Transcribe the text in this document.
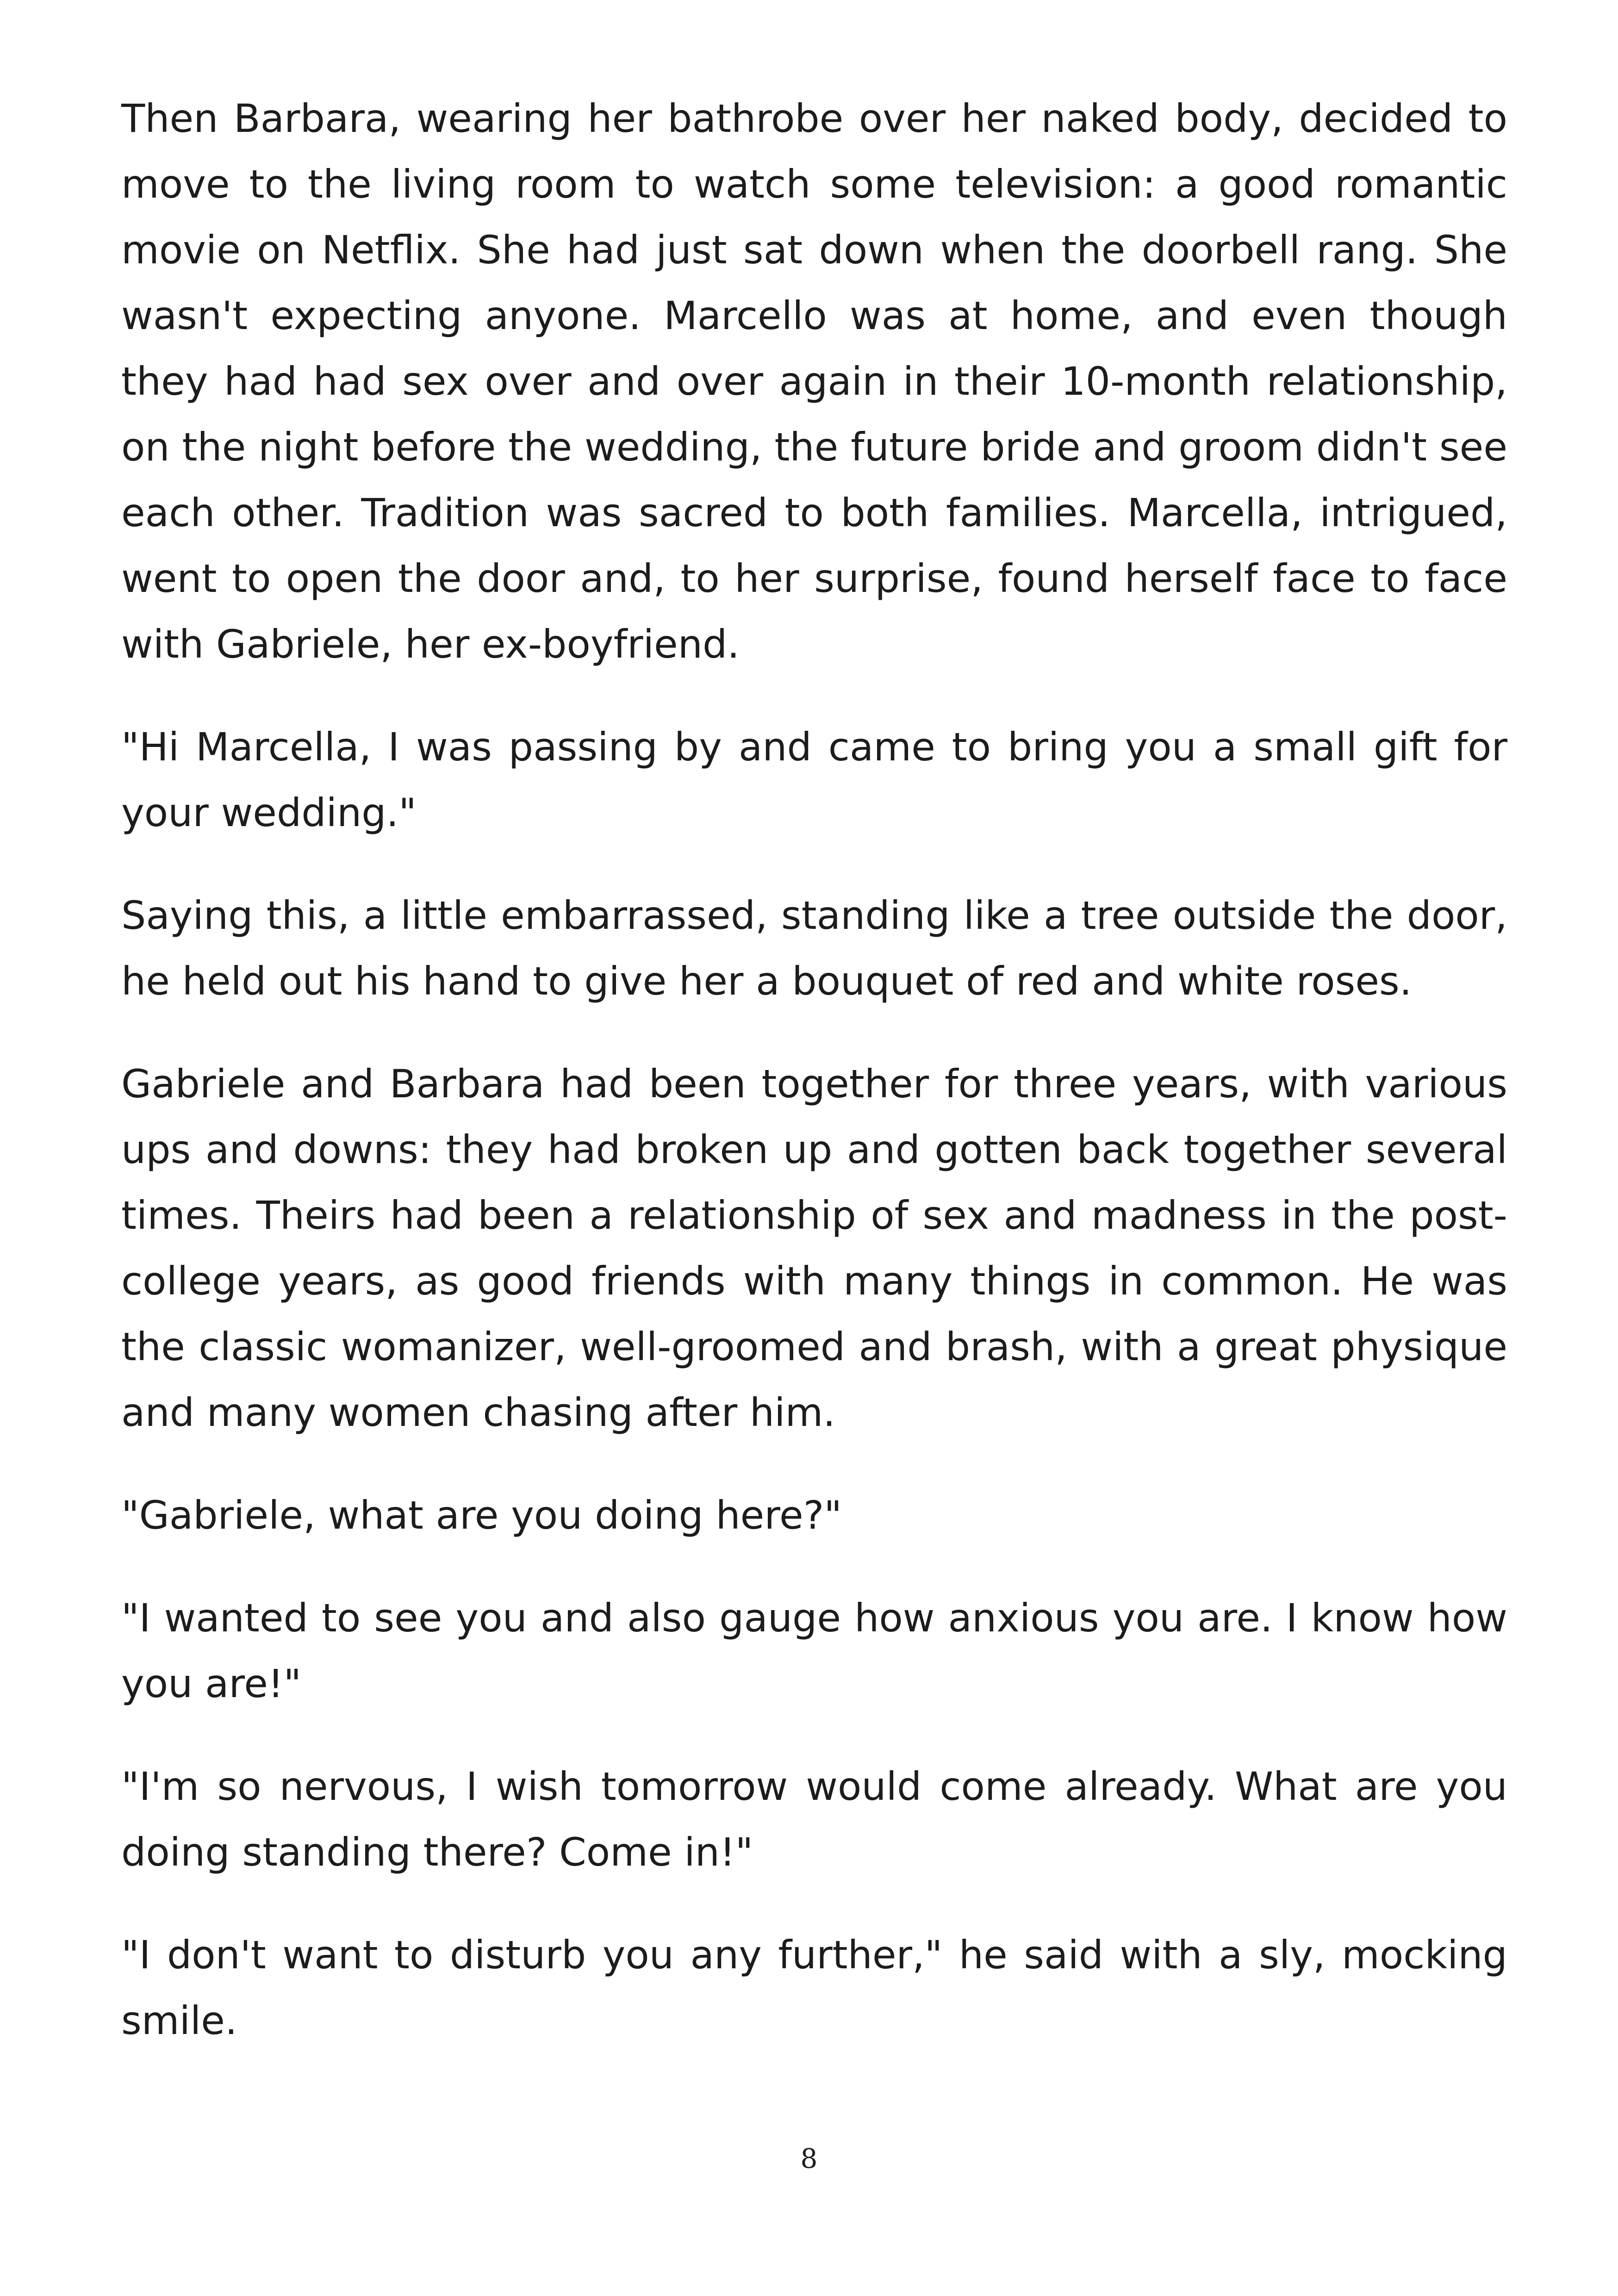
Then Barbara, wearing her bathrobe over her naked body, decided to move to the living room to watch some television: a good romantic movie on Netflix. She had just sat down when the doorbell rang. She wasn't expecting anyone. Marcello was at home, and even though they had had sex over and over again in their 10-month relationship, on the night before the wedding, the future bride and groom didn't see each other. Tradition was sacred to both families. Marcella, intrigued, went to open the door and, to her surprise, found herself face to face with Gabriele, her ex-boyfriend.

"Hi Marcella, I was passing by and came to bring you a small gift for your wedding."

Saying this, a little embarrassed, standing like a tree outside the door, he held out his hand to give her a bouquet of red and white roses.

Gabriele and Barbara had been together for three years, with various ups and downs: they had broken up and gotten back together several times. Theirs had been a relationship of sex and madness in the post-college years, as good friends with many things in common. He was the classic womanizer, well-groomed and brash, with a great physique and many women chasing after him.

"Gabriele, what are you doing here?"

"I wanted to see you and also gauge how anxious you are. I know how you are!"

"I'm so nervous, I wish tomorrow would come already. What are you doing standing there? Come in!"

"I don't want to disturb you any further," he said with a sly, mocking smile.

8
